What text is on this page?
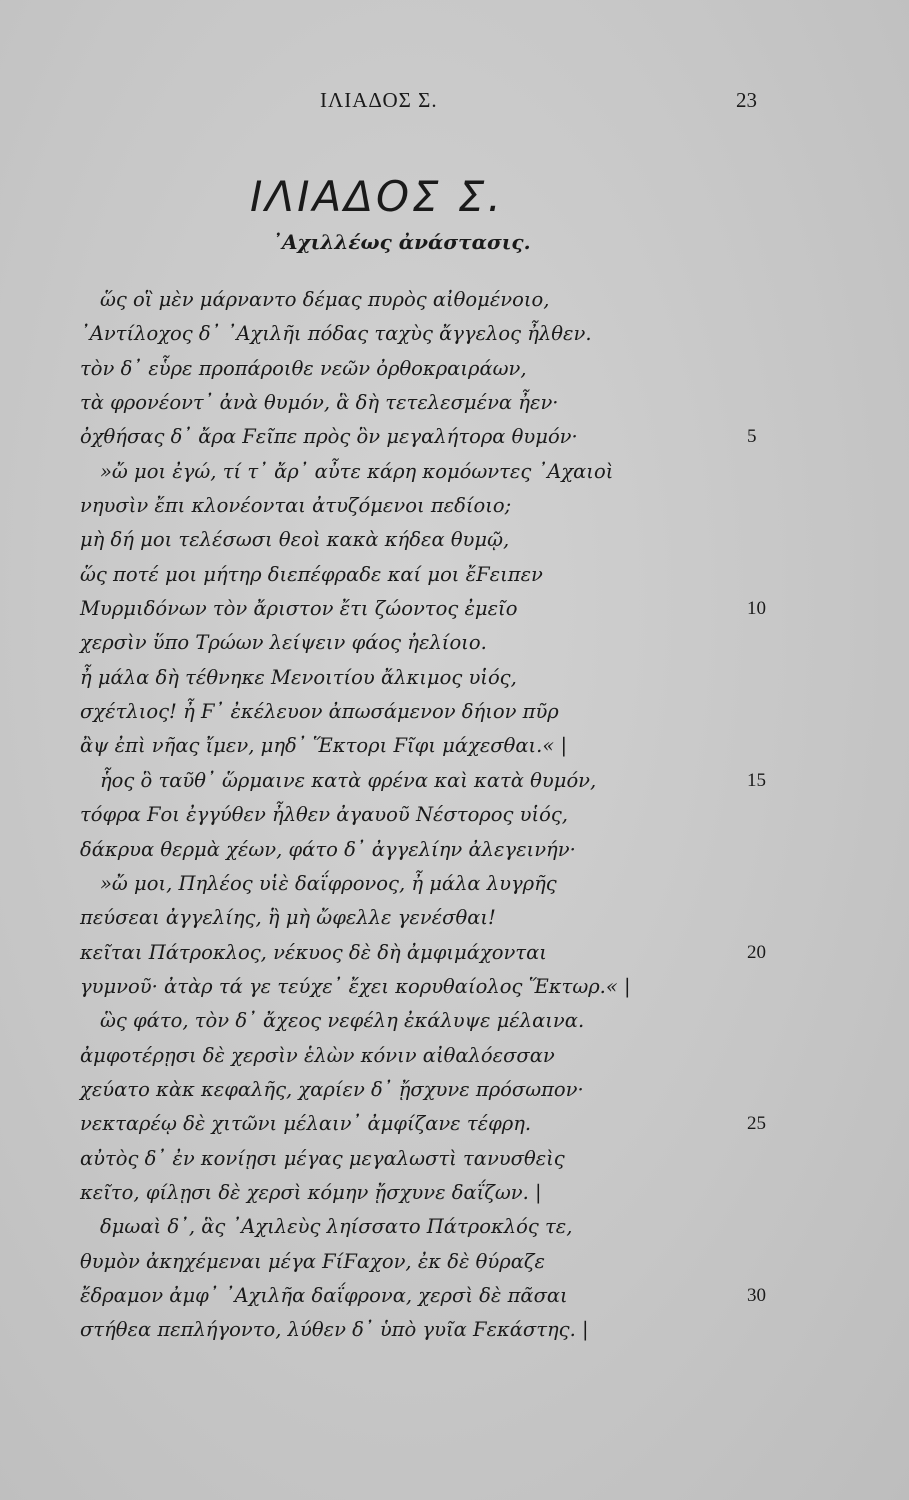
ΙΛΙΑΔΟΣ Σ.	23
ΙΛΙΑΔΟΣ Σ.
᾿Αχιλλέως ἀνάστασις.
ὥς οἳ μὲν μάρναντο δέμας πυρὸς αἰθομένοιο,
᾿Αντίλοχος δ᾿ ᾿Αχιλῆι πόδας ταχὺς ἄγγελος ἦλθεν.
τὸν δ᾿ εὗρε προπάροιθε νεῶν ὀρθοκραιράων,
τὰ φρονέοντ᾿ ἀνὰ θυμόν, ἃ δὴ τετελεσμένα ἦεν·
ὀχθήσας δ᾿ ἄρα Ϝεῖπε πρὸς ὃν μεγαλήτορα θυμόν·	5
»ὤ μοι ἐγώ, τί τ᾿ ἄρ᾿ αὖτε κάρη κομόωντες ᾿Αχαιοὶ
νηυσὶν ἔπι κλονέονται ἀτυζόμενοι πεδίοιο;
μὴ δή μοι τελέσωσι θεοὶ κακὰ κήδεα θυμῷ,
ὥς ποτέ μοι μήτηρ διεπέφραδε καί μοι ἔϜειπεν
Μυρμιδόνων τὸν ἄριστον ἔτι ζώοντος ἐμεῖο	10
χερσὶν ὕπο Τρώων λείψειν φάος ἠελίοιο.
ἦ μάλα δὴ τέθνηκε Μενοιτίου ἄλκιμος υἱός,
σχέτλιος! ἦ Ϝ᾿ ἐκέλευον ἀπωσάμενον δήιον πῦρ
ἂψ ἐπὶ νῆας ἴμεν, μηδ᾿ Ἕκτορι Ϝῖφι μάχεσθαι.« |
ἧος ὃ ταῦθ᾿ ὥρμαινε κατὰ φρένα καὶ κατὰ θυμόν,	15
τόφρα Ϝοι ἐγγύθεν ἦλθεν ἀγαυοῦ Νέστορος υἱός,
δάκρυα θερμὰ χέων, φάτο δ᾿ ἀγγελίην ἀλεγεινήν·
»ὤ μοι, Πηλέος υἱὲ δαΐφρονος, ἦ μάλα λυγρῆς
πεύσεαι ἀγγελίης, ἣ μὴ ὤφελλε γενέσθαι!
κεῖται Πάτροκλος, νέκυος δὲ δὴ ἀμφιμάχονται	20
γυμνοῦ· ἀτὰρ τά γε τεύχε᾿ ἔχει κορυθαίολος Ἕκτωρ.« |
ὣς φάτο, τὸν δ᾿ ἄχεος νεφέλη ἐκάλυψε μέλαινα.
ἀμφοτέρῃσι δὲ χερσὶν ἑλὼν κόνιν αἰθαλόεσσαν
χεύατο κὰκ κεφαλῆς, χαρίεν δ᾿ ᾔσχυνε πρόσωπον·
νεκταρέῳ δὲ χιτῶνι μέλαιν᾿ ἀμφίζανε τέφρη.	25
αὐτὸς δ᾿ ἐν κονίῃσι μέγας μεγαλωστὶ τανυσθεὶς
κεῖτο, φίλῃσι δὲ χερσὶ κόμην ᾔσχυνε δαΐζων. |
δμωαὶ δ᾿, ἃς ᾿Αχιλεὺς ληίσσατο Πάτροκλός τε,
θυμὸν ἀκηχέμεναι μέγα ϜίϜαχον, ἐκ δὲ θύραζε
ἔδραμον ἀμφ᾿ ᾿Αχιλῆα δαΐφρονα, χερσὶ δὲ πᾶσαι	30
στήθεα πεπλήγοντο, λύθεν δ᾿ ὑπὸ γυῖα Ϝεκάστης. |
